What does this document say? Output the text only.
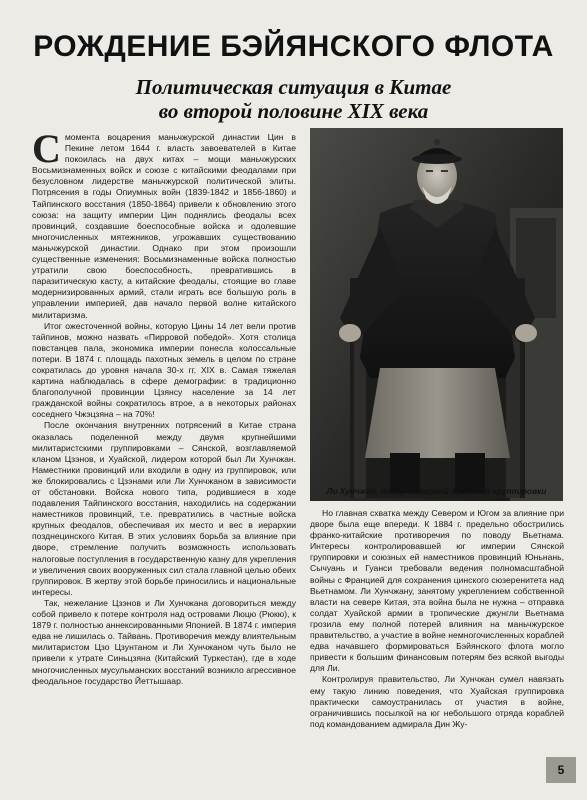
РОЖДЕНИЕ БЭЙЯНСКОГО ФЛОТА
Политическая ситуация в Китае
во второй половине XIX века

Смомента воцарения маньчжурской династии Цин в Пекине летом 1644 г. власть завоевателей в Китае покоилась на двух китах – мощи маньчжурских Восьмизнаменных войск и союзе с китайскими феодалами при безусловном лидерстве маньчжурской политической элиты. Потрясения в годы Опиумных войн (1839-1842 и 1856-1860) и Тайпинского восстания (1850-1864) привели к обновлению этого союза: на защиту империи Цин поднялись феодалы всех провинций, создавшие боеспособные войска и одолевшие многочисленных мятежников, угрожавших существованию маньчжурской династии. Однако при этом произошли существенные изменения: Восьмизнаменные войска полностью утратили свою боеспособность, превратившись в паразитическую касту, а китайские феодалы, стоящие во главе модернизированных армий, стали играть все большую роль в управлении империей, дав началo первой волне китайского милитаризма.

Итог ожесточенной войны, которую Цины 14 лет вели против тайпинов, можно назвать «Пирровой победой». Хотя столица повстанцев пала, экономика империи понесла колоссальные потери. В 1874 г. площадь пахотных земель в целом по стране сократилась до уровня начала 30-х гг. XIX в. Самая тяжелая картина наблюдалась в сфере демографии: в традиционно благополучной провинции Цзянсу население за 14 лет гражданской войны сократилось втрое, а в некоторых районах соседнего Чжэцзяна – на 70%!

После окончания внутренних потрясений в Китае страна оказалась поделенной между двумя крупнейшими милитаристскими группировками – Сянской, возглавляемой кланом Цзэнов, и Хуайской, лидером которой был Ли Хунчжан. Наместники провинций или входили в одну из группировок, или же блокировались с Цзэнами или Ли Хунчжаном в зависимости от обстановки. Войска нового типа, родившиеся в ходе подавления Тайпинского восстания, находились на содержании наместников провинций, т.е. превратились в частные войска крупных феодалов, обеспечивая их место и вес в иерархии позднецинского Китая. В этих условиях борьба за влияние при дворе, стремление получить возможность использовать налоговые поступления в государственную казну для укрепления и увеличения своих вооруженных сил стала главной целью обеих группировок. В жертву этой борьбе приносились и национальные интересы.

Так, нежелание Цзэнов и Ли Хунчжана договориться между собой привело к потере контроля над островами Люцю (Рюкю), к 1879 г. полностью аннексированными Японией. В 1874 г. империя едва не лишилась о. Тайвань. Противоречия между влиятельным милитаристом Цзо Цзунтаном и Ли Хунчжаном чуть было не привели к утрате Синьцзяна (Китайский Туркестан), где в ходе многочисленных мусульманских восстаний возникло агрессивное феодальное государство Йеттышаар.

Ли Хунчжан, лидер Северной Хуайской группировки

Но главная схватка между Севером и Югом за влияние при дворе была еще впереди. К 1884 г. предельно обострились франко-китайские противоречия по поводу Вьетнама. Интересы контролировавшей юг империи Сянской группировки и союзных ей наместников провинций Юньнань, Сычуань и Гуанси требовали ведения полномасштабной войны с Францией для сохранения цинского сюзеренитета над Вьетнамом. Ли Хунчжану, занятому укреплением собственной власти на севере Китая, эта война была не нужна – отправка солдат Хуайской армии в тропические джунгли Вьетнама грозила ему полной потерей влияния на маньчжурское правительство, а участие в войне немногочисленных кораблей едва начавшего формироваться Бэйянского флота могло привести к большим финансовым потерям без всякой выгоды для Ли.

Контролируя правительство, Ли Хунчжан сумел навязать ему такую линию поведения, что Хуайская группировка практически самоустранилась от участия в войне, ограничившись посылкой на юг небольшого отряда кораблей под командованием адмирала Дин Жу-

5
